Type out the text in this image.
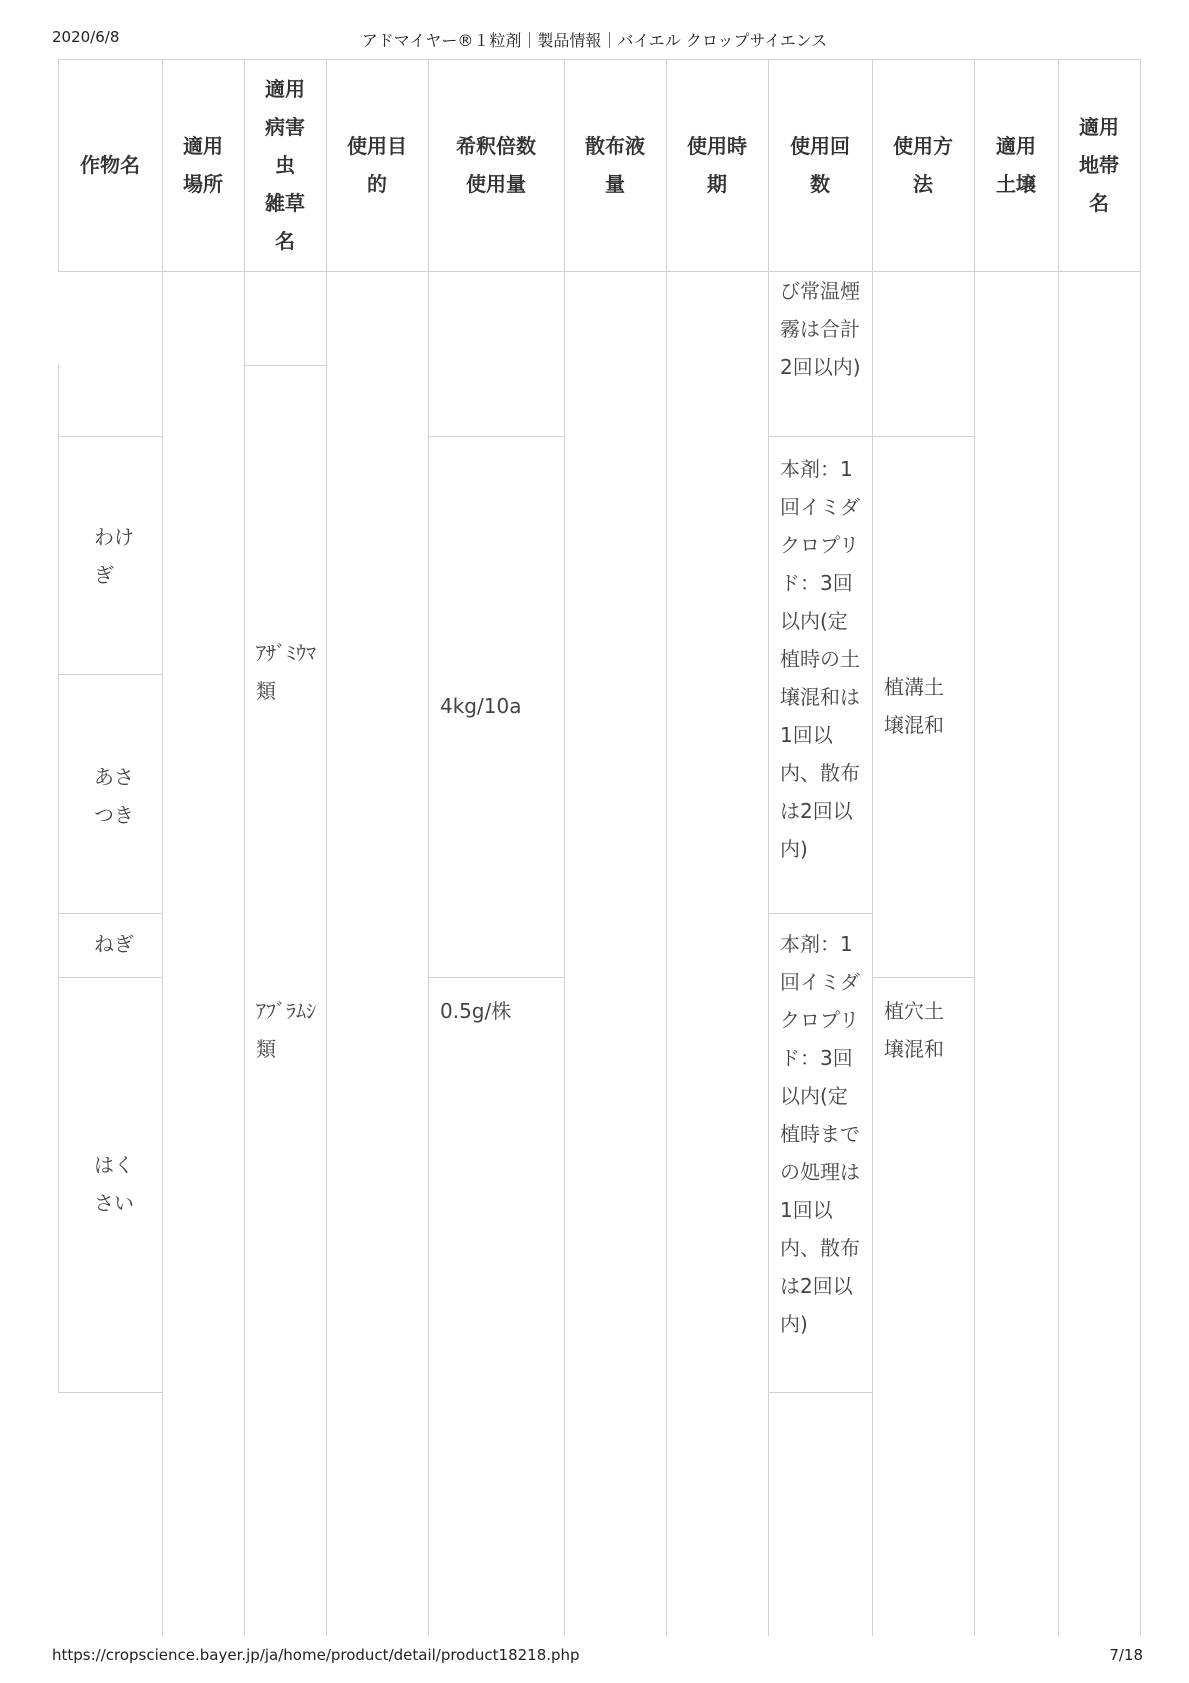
2020/6/8	アドマイヤー®１粒剤｜製品情報｜バイエル クロップサイエンス
作物名
適用
場所
適用
病害
虫
雑草
名
使用目
的
希釈倍数
使用量
散布液
量
使用時
期
使用回
数
使用方
法
適用
土壌
適用
地帯
名
び常温煙霧は合計2回以内)
わけぎ
あさつき
ねぎ
はくさい
ｱｻﾞﾐｳﾏ類
ｱﾌﾞﾗﾑｼ類
4kg/10a
0.5g/株
本剤：1回イミダクロプリド：3回以内(定植時の土壌混和は1回以内、散布は2回以内)
本剤：1回イミダクロプリド：3回以内(定植時までの処理は1回以内、散布は2回以内)
植溝土壌混和
植穴土壌混和
https://cropscience.bayer.jp/ja/home/product/detail/product18218.php	7/18
